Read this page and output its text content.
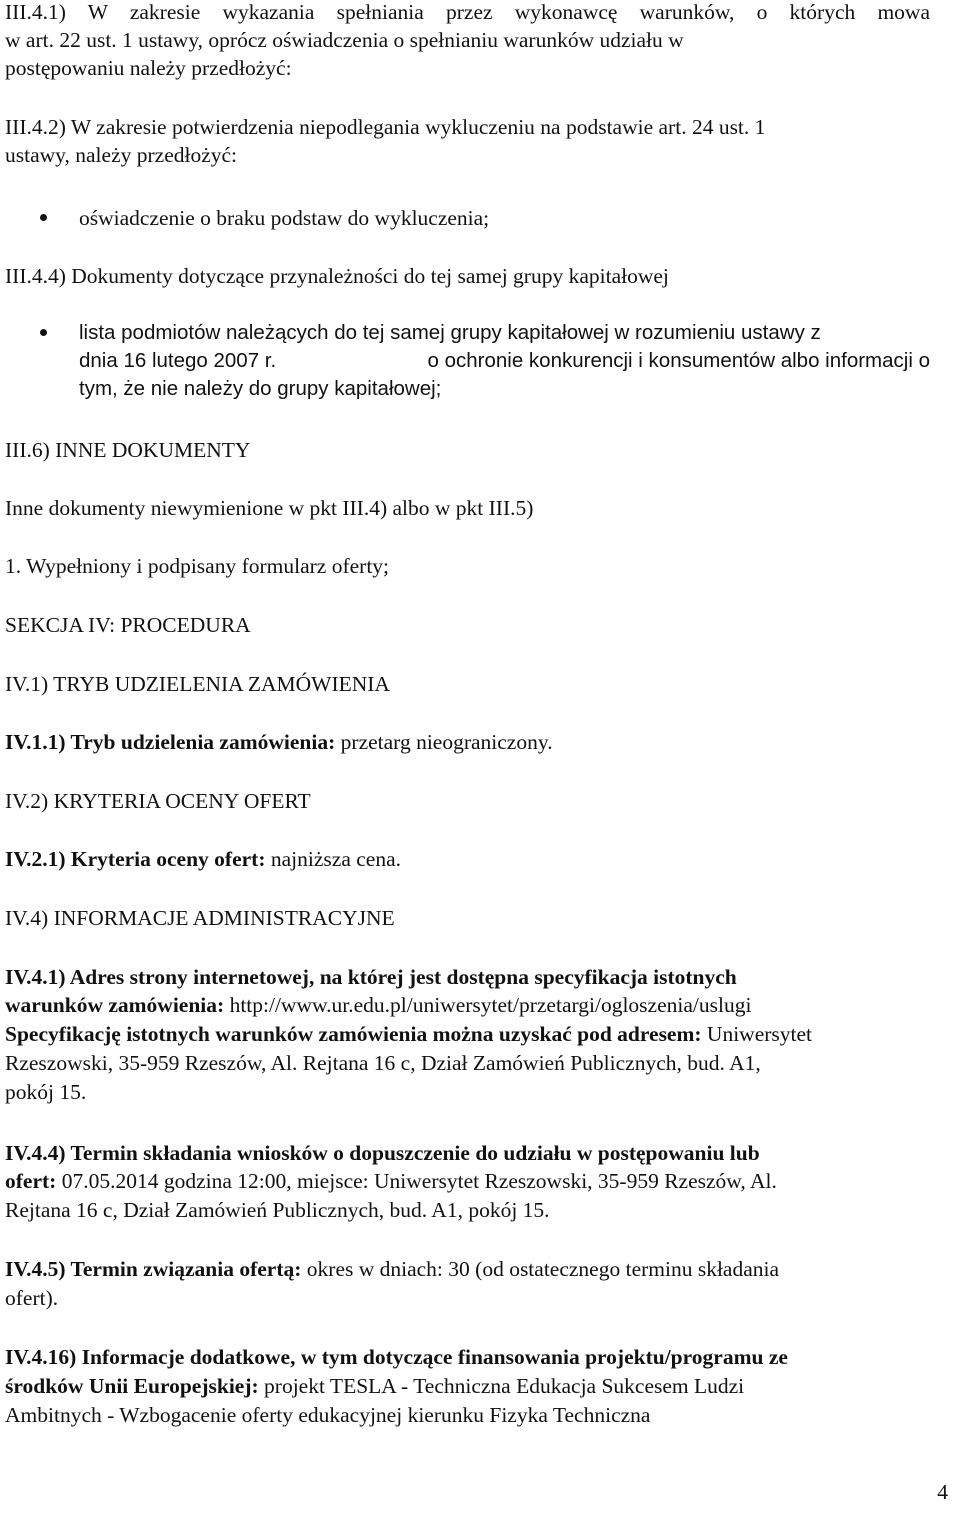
III.4.1) W zakresie wykazania spełniania przez wykonawcę warunków, o których mowa
w art. 22 ust. 1 ustawy, oprócz oświadczenia o spełnianiu warunków udziału w
postępowaniu należy przedłożyć:
III.4.2) W zakresie potwierdzenia niepodlegania wykluczeniu na podstawie art. 24 ust. 1
ustawy, należy przedłożyć:
oświadczenie o braku podstaw do wykluczenia;
III.4.4) Dokumenty dotyczące przynależności do tej samej grupy kapitałowej
lista podmiotów należących do tej samej grupy kapitałowej w rozumieniu ustawy z
dnia 16 lutego 2007 r.	o ochronie konkurencji i konsumentów albo informacji o
tym, że nie należy do grupy kapitałowej;
III.6) INNE DOKUMENTY
Inne dokumenty niewymienione w pkt III.4) albo w pkt III.5)
1. Wypełniony i podpisany formularz oferty;
SEKCJA IV: PROCEDURA
IV.1) TRYB UDZIELENIA ZAMÓWIENIA
IV.1.1) Tryb udzielenia zamówienia: przetarg nieograniczony.
IV.2) KRYTERIA OCENY OFERT
IV.2.1) Kryteria oceny ofert: najniższa cena.
IV.4) INFORMACJE ADMINISTRACYJNE
IV.4.1) Adres strony internetowej, na której jest dostępna specyfikacja istotnych
warunków zamówienia: http://www.ur.edu.pl/uniwersytet/przetargi/ogloszenia/uslugi
Specyfikację istotnych warunków zamówienia można uzyskać pod adresem: Uniwersytet
Rzeszowski, 35-959 Rzeszów, Al. Rejtana 16 c, Dział Zamówień Publicznych, bud. A1,
pokój 15.
IV.4.4) Termin składania wniosków o dopuszczenie do udziału w postępowaniu lub
ofert: 07.05.2014 godzina 12:00, miejsce: Uniwersytet Rzeszowski, 35-959 Rzeszów, Al.
Rejtana 16 c, Dział Zamówień Publicznych, bud. A1, pokój 15.
IV.4.5) Termin związania ofertą: okres w dniach: 30 (od ostatecznego terminu składania
ofert).
IV.4.16) Informacje dodatkowe, w tym dotyczące finansowania projektu/programu ze
środków Unii Europejskiej: projekt TESLA - Techniczna Edukacja Sukcesem Ludzi
Ambitnych - Wzbogacenie oferty edukacyjnej kierunku Fizyka Techniczna
4
